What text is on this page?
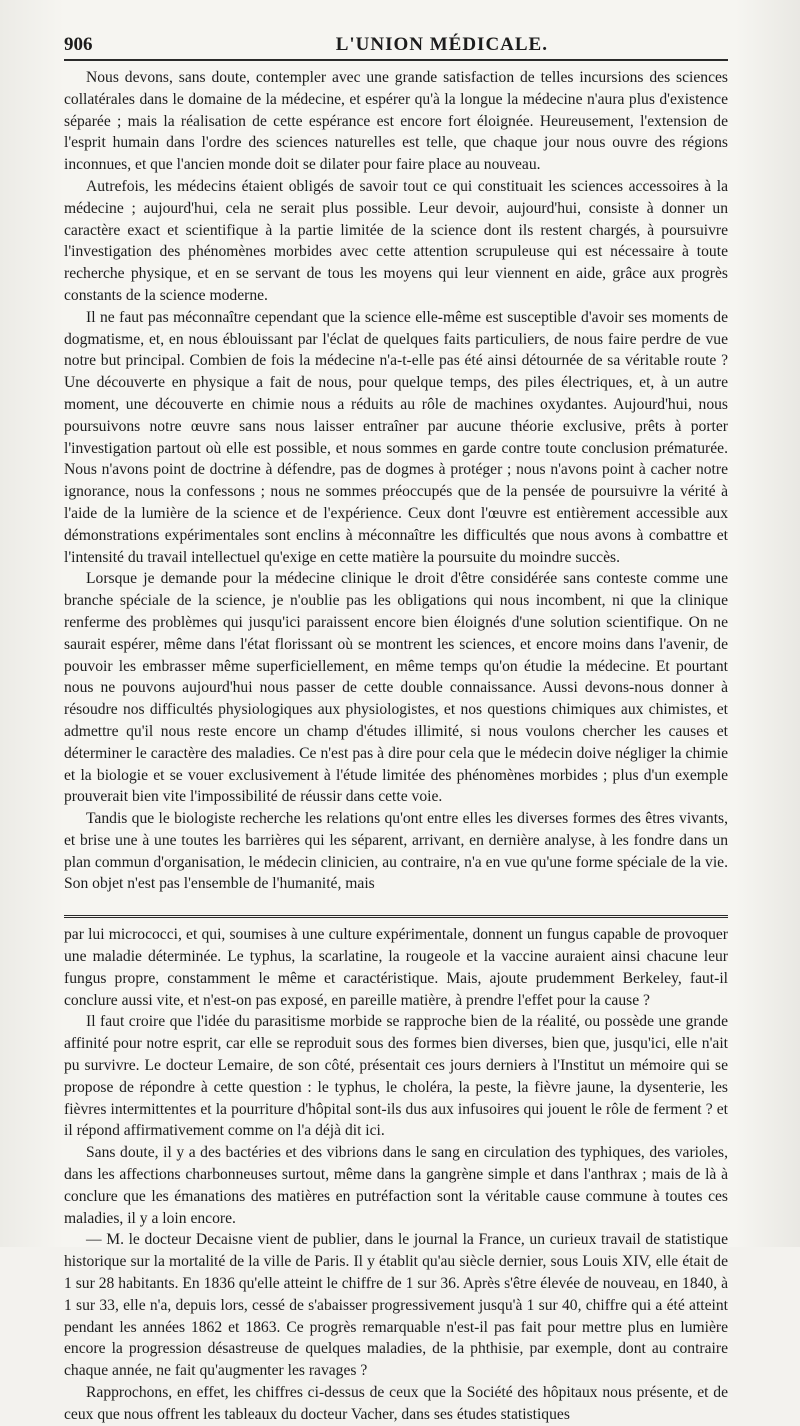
906	L'UNION MÉDICALE.

Nous devons, sans doute, contempler avec une grande satisfaction de telles incursions des sciences collatérales dans le domaine de la médecine, et espérer qu'à la longue la médecine n'aura plus d'existence séparée ; mais la réalisation de cette espérance est encore fort éloignée. Heureusement, l'extension de l'esprit humain dans l'ordre des sciences naturelles est telle, que chaque jour nous ouvre des régions inconnues, et que l'ancien monde doit se dilater pour faire place au nouveau.

Autrefois, les médecins étaient obligés de savoir tout ce qui constituait les sciences accessoires à la médecine ; aujourd'hui, cela ne serait plus possible. Leur devoir, aujourd'hui, consiste à donner un caractère exact et scientifique à la partie limitée de la science dont ils restent chargés, à poursuivre l'investigation des phénomènes morbides avec cette attention scrupuleuse qui est nécessaire à toute recherche physique, et en se servant de tous les moyens qui leur viennent en aide, grâce aux progrès constants de la science moderne.

Il ne faut pas méconnaître cependant que la science elle-même est susceptible d'avoir ses moments de dogmatisme, et, en nous éblouissant par l'éclat de quelques faits particuliers, de nous faire perdre de vue notre but principal. Combien de fois la médecine n'a-t-elle pas été ainsi détournée de sa véritable route ? Une découverte en physique a fait de nous, pour quelque temps, des piles électriques, et, à un autre moment, une découverte en chimie nous a réduits au rôle de machines oxydantes. Aujourd'hui, nous poursuivons notre œuvre sans nous laisser entraîner par aucune théorie exclusive, prêts à porter l'investigation partout où elle est possible, et nous sommes en garde contre toute conclusion prématurée. Nous n'avons point de doctrine à défendre, pas de dogmes à protéger ; nous n'avons point à cacher notre ignorance, nous la confessons ; nous ne sommes préoccupés que de la pensée de poursuivre la vérité à l'aide de la lumière de la science et de l'expérience. Ceux dont l'œuvre est entièrement accessible aux démonstrations expérimentales sont enclins à méconnaître les difficultés que nous avons à combattre et l'intensité du travail intellectuel qu'exige en cette matière la poursuite du moindre succès.

Lorsque je demande pour la médecine clinique le droit d'être considérée sans conteste comme une branche spéciale de la science, je n'oublie pas les obligations qui nous incombent, ni que la clinique renferme des problèmes qui jusqu'ici paraissent encore bien éloignés d'une solution scientifique. On ne saurait espérer, même dans l'état florissant où se montrent les sciences, et encore moins dans l'avenir, de pouvoir les embrasser même superficiellement, en même temps qu'on étudie la médecine. Et pourtant nous ne pouvons aujourd'hui nous passer de cette double connaissance. Aussi devons-nous donner à résoudre nos difficultés physiologiques aux physiologistes, et nos questions chimiques aux chimistes, et admettre qu'il nous reste encore un champ d'études illimité, si nous voulons chercher les causes et déterminer le caractère des maladies. Ce n'est pas à dire pour cela que le médecin doive négliger la chimie et la biologie et se vouer exclusivement à l'étude limitée des phénomènes morbides ; plus d'un exemple prouverait bien vite l'impossibilité de réussir dans cette voie.

Tandis que le biologiste recherche les relations qu'ont entre elles les diverses formes des êtres vivants, et brise une à une toutes les barrières qui les séparent, arrivant, en dernière analyse, à les fondre dans un plan commun d'organisation, le médecin clinicien, au contraire, n'a en vue qu'une forme spéciale de la vie. Son objet n'est pas l'ensemble de l'humanité, mais

par lui micrococci, et qui, soumises à une culture expérimentale, donnent un fungus capable de provoquer une maladie déterminée. Le typhus, la scarlatine, la rougeole et la vaccine auraient ainsi chacune leur fungus propre, constamment le même et caractéristique. Mais, ajoute prudemment Berkeley, faut-il conclure aussi vite, et n'est-on pas exposé, en pareille matière, à prendre l'effet pour la cause ?

Il faut croire que l'idée du parasitisme morbide se rapproche bien de la réalité, ou possède une grande affinité pour notre esprit, car elle se reproduit sous des formes bien diverses, bien que, jusqu'ici, elle n'ait pu survivre. Le docteur Lemaire, de son côté, présentait ces jours derniers à l'Institut un mémoire qui se propose de répondre à cette question : le typhus, le choléra, la peste, la fièvre jaune, la dysenterie, les fièvres intermittentes et la pourriture d'hôpital sont-ils dus aux infusoires qui jouent le rôle de ferment ? et il répond affirmativement comme on l'a déjà dit ici.

Sans doute, il y a des bactéries et des vibrions dans le sang en circulation des typhiques, des varioles, dans les affections charbonneuses surtout, même dans la gangrène simple et dans l'anthrax ; mais de là à conclure que les émanations des matières en putréfaction sont la véritable cause commune à toutes ces maladies, il y a loin encore.

— M. le docteur Decaisne vient de publier, dans le journal la France, un curieux travail de statistique historique sur la mortalité de la ville de Paris. Il y établit qu'au siècle dernier, sous Louis XIV, elle était de 1 sur 28 habitants. En 1836 qu'elle atteint le chiffre de 1 sur 36. Après s'être élevée de nouveau, en 1840, à 1 sur 33, elle n'a, depuis lors, cessé de s'abaisser progressivement jusqu'à 1 sur 40, chiffre qui a été atteint pendant les années 1862 et 1863. Ce progrès remarquable n'est-il pas fait pour mettre plus en lumière encore la progression désastreuse de quelques maladies, de la phthisie, par exemple, dont au contraire chaque année, ne fait qu'augmenter les ravages ?

Rapprochons, en effet, les chiffres ci-dessus de ceux que la Société des hôpitaux nous présente, et de ceux que nous offrent les tableaux du docteur Vacher, dans ses études statistiques
